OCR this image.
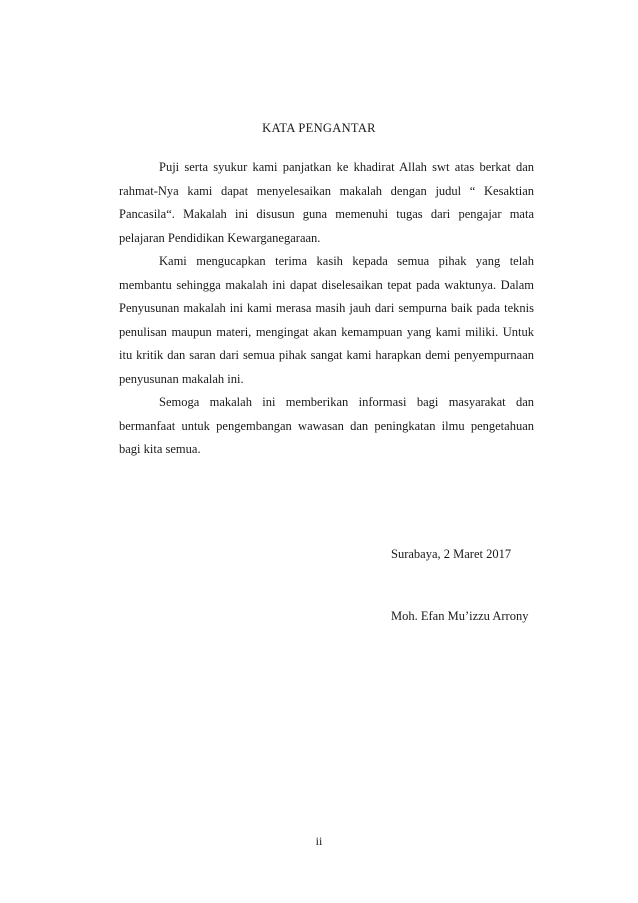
KATA PENGANTAR

Puji serta syukur kami panjatkan ke khadirat Allah swt atas berkat dan rahmat-Nya kami dapat menyelesaikan makalah dengan judul “ Kesaktian Pancasila“. Makalah ini disusun guna memenuhi tugas dari pengajar mata pelajaran Pendidikan Kewarganegaraan.

Kami mengucapkan terima kasih kepada semua pihak yang telah membantu sehingga makalah ini dapat diselesaikan tepat pada waktunya. Dalam Penyusunan makalah ini kami merasa masih jauh dari sempurna baik pada teknis penulisan maupun materi, mengingat akan kemampuan yang kami miliki. Untuk itu kritik dan saran dari semua pihak sangat kami harapkan demi penyempurnaan penyusunan makalah ini.

Semoga makalah ini memberikan informasi bagi masyarakat dan bermanfaat untuk pengembangan wawasan dan peningkatan ilmu pengetahuan bagi kita semua.

Surabaya, 2 Maret 2017
Moh. Efan Mu’izzu Arrony
ii
